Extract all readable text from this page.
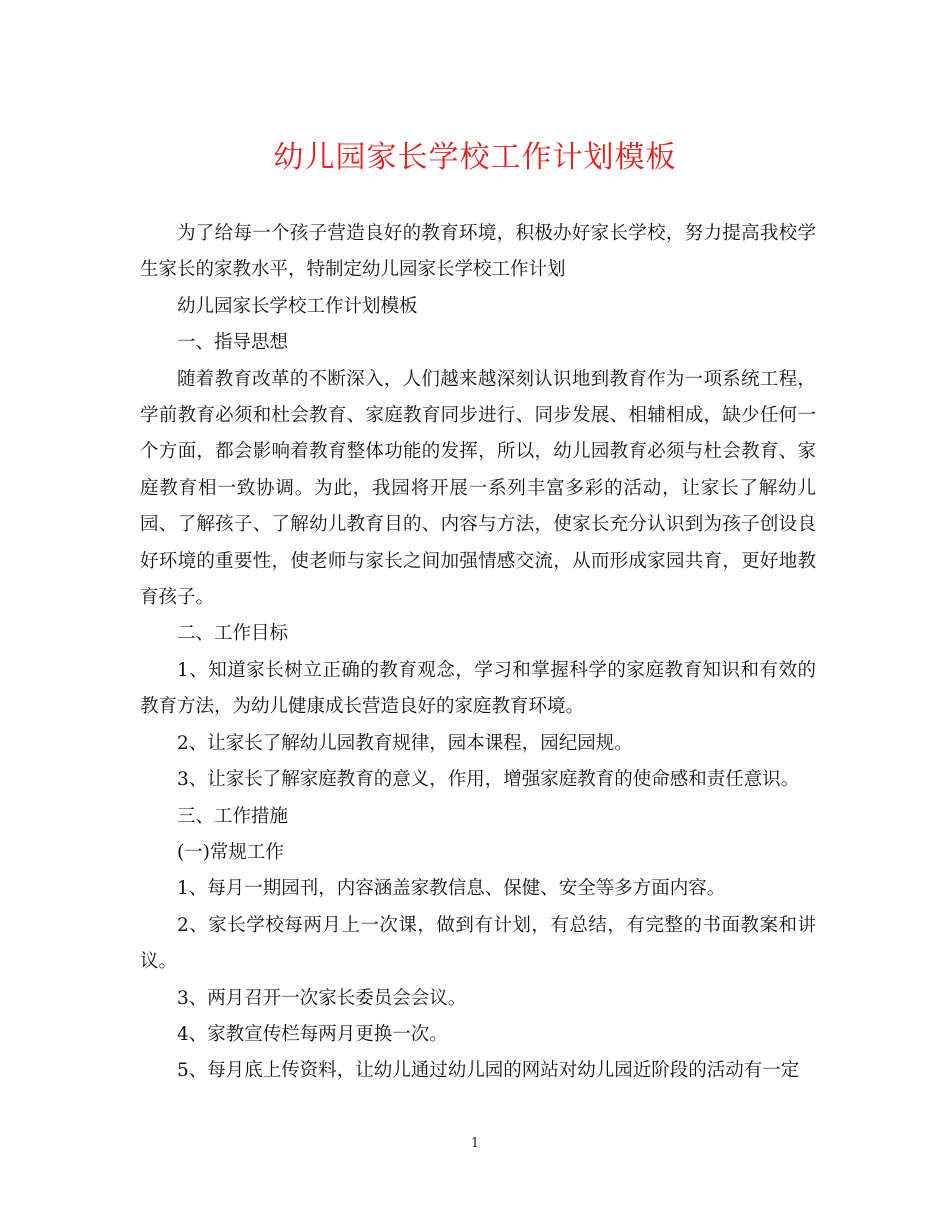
幼儿园家长学校工作计划模板

为了给每一个孩子营造良好的教育环境，积极办好家长学校，努力提高我校学生家长的家教水平，特制定幼儿园家长学校工作计划

幼儿园家长学校工作计划模板

一、指导思想

随着教育改革的不断深入，人们越来越深刻认识地到教育作为一项系统工程，学前教育必须和杜会教育、家庭教育同步进行、同步发展、相辅相成，缺少任何一个方面，都会影响着教育整体功能的发挥，所以，幼儿园教育必须与杜会教育、家庭教育相一致协调。为此，我园将开展一系列丰富多彩的活动，让家长了解幼儿园、了解孩子、了解幼儿教育目的、内容与方法，使家长充分认识到为孩子创设良好环境的重要性，使老师与家长之间加强情感交流，从而形成家园共育，更好地教育孩子。

二、工作目标

1、知道家长树立正确的教育观念，学习和掌握科学的家庭教育知识和有效的教育方法，为幼儿健康成长营造良好的家庭教育环境。

2、让家长了解幼儿园教育规律，园本课程，园纪园规。

3、让家长了解家庭教育的意义，作用，增强家庭教育的使命感和责任意识。

三、工作措施

(一)常规工作

1、每月一期园刊，内容涵盖家教信息、保健、安全等多方面内容。

2、家长学校每两月上一次课，做到有计划，有总结，有完整的书面教案和讲议。

3、两月召开一次家长委员会会议。

4、家教宣传栏每两月更换一次。

5、每月底上传资料，让幼儿通过幼儿园的网站对幼儿园近阶段的活动有一定

1
